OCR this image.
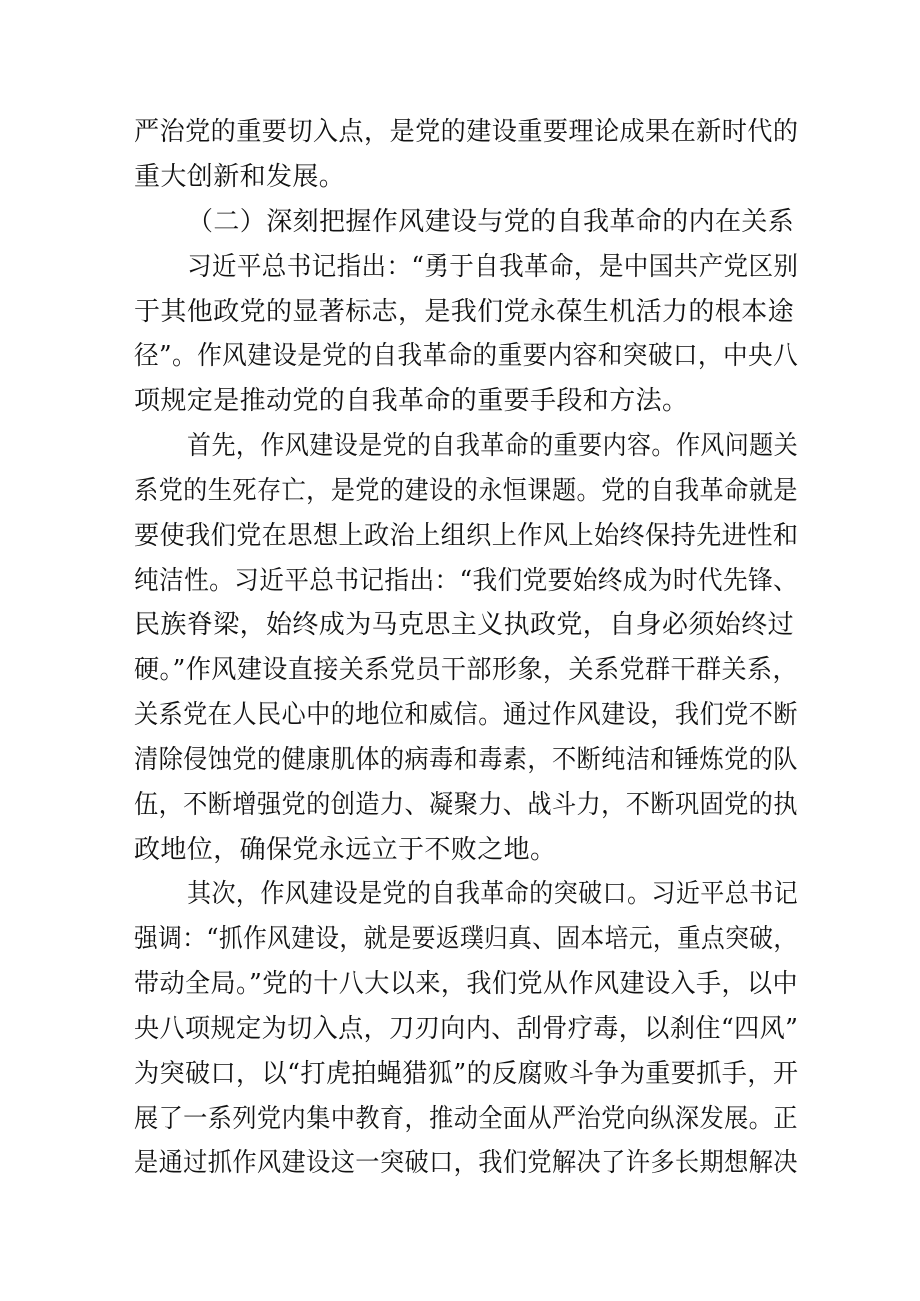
严治党的重要切入点，是党的建设重要理论成果在新时代的
重大创新和发展。
（二）深刻把握作风建设与党的自我革命的内在关系
习近平总书记指出：“勇于自我革命，是中国共产党区别
于其他政党的显著标志，是我们党永葆生机活力的根本途
径”。作风建设是党的自我革命的重要内容和突破口，中央八
项规定是推动党的自我革命的重要手段和方法。
首先，作风建设是党的自我革命的重要内容。作风问题关
系党的生死存亡，是党的建设的永恒课题。党的自我革命就是
要使我们党在思想上政治上组织上作风上始终保持先进性和
纯洁性。习近平总书记指出：“我们党要始终成为时代先锋、
民族脊梁，始终成为马克思主义执政党，自身必须始终过
硬。”作风建设直接关系党员干部形象，关系党群干群关系，
关系党在人民心中的地位和威信。通过作风建设，我们党不断
清除侵蚀党的健康肌体的病毒和毒素，不断纯洁和锤炼党的队
伍，不断增强党的创造力、凝聚力、战斗力，不断巩固党的执
政地位，确保党永远立于不败之地。
其次，作风建设是党的自我革命的突破口。习近平总书记
强调：“抓作风建设，就是要返璞归真、固本培元，重点突破，
带动全局。”党的十八大以来，我们党从作风建设入手，以中
央八项规定为切入点，刀刃向内、刮骨疗毒，以刹住“四风”
为突破口，以“打虎拍蝇猎狐”的反腐败斗争为重要抓手，开
展了一系列党内集中教育，推动全面从严治党向纵深发展。正
是通过抓作风建设这一突破口，我们党解决了许多长期想解决
